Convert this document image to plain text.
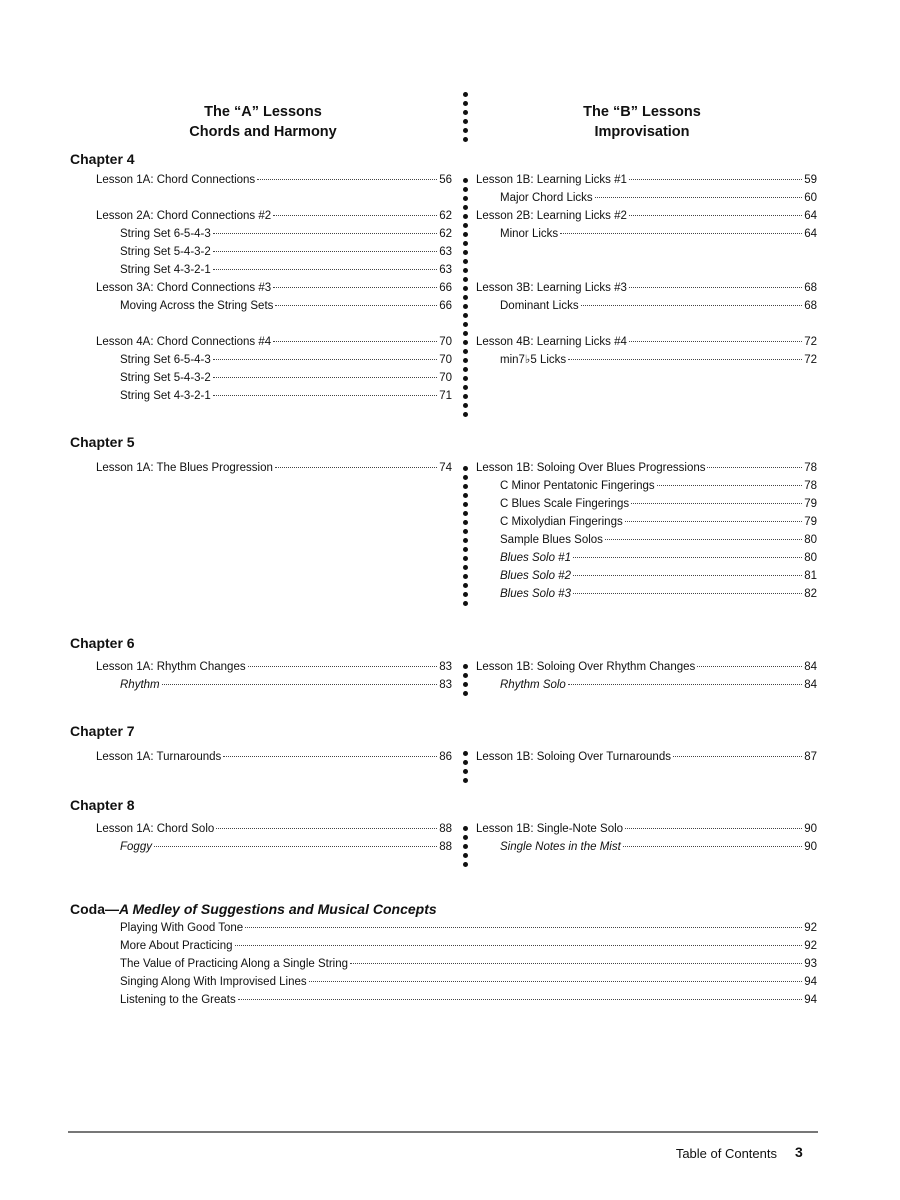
The “A” Lessons
Chords and Harmony
The “B” Lessons
Improvisation
Chapter 4
Chapter 5
Chapter 6
Chapter 7
Chapter 8
Lesson 1A: Chord Connections	56
Lesson 2A: Chord Connections #2	62
String Set 6-5-4-3	62
String Set 5-4-3-2	63
String Set 4-3-2-1	63
Lesson 3A: Chord Connections #3	66
Moving Across the String Sets	66
Lesson 4A: Chord Connections #4	70
String Set 6-5-4-3	70
String Set 5-4-3-2	70
String Set 4-3-2-1	71
Lesson 1B: Learning Licks #1	59
Major Chord Licks	60
Lesson 2B: Learning Licks #2	64
Minor Licks	64
Lesson 3B: Learning Licks #3	68
Dominant Licks	68
Lesson 4B: Learning Licks #4	72
min7♭5 Licks	72
Lesson 1A: The Blues Progression	74 Lesson 1B: Soloing Over Blues Progressions	78
C Minor Pentatonic Fingerings	78
C Blues Scale Fingerings	79
C Mixolydian Fingerings	79
Sample Blues Solos	80
Blues Solo #1	80
Blues Solo #2	81
Blues Solo #3	82
Lesson 1A: Rhythm Changes	83
Rhythm	83
Lesson 1B: Soloing Over Rhythm Changes	84
Rhythm Solo	84
Lesson 1A: Turnarounds	86 Lesson 1B: Soloing Over Turnarounds	87
Lesson 1A: Chord Solo	88
Foggy	88
Lesson 1B: Single-Note Solo	90
Single Notes in the Mist	90
Coda—A Medley of Suggestions and Musical Concepts
Playing With Good Tone	92
More About Practicing	92
The Value of Practicing Along a Single String	93
Singing Along With Improvised Lines	94
Listening to the Greats	94
Table of Contents 3
